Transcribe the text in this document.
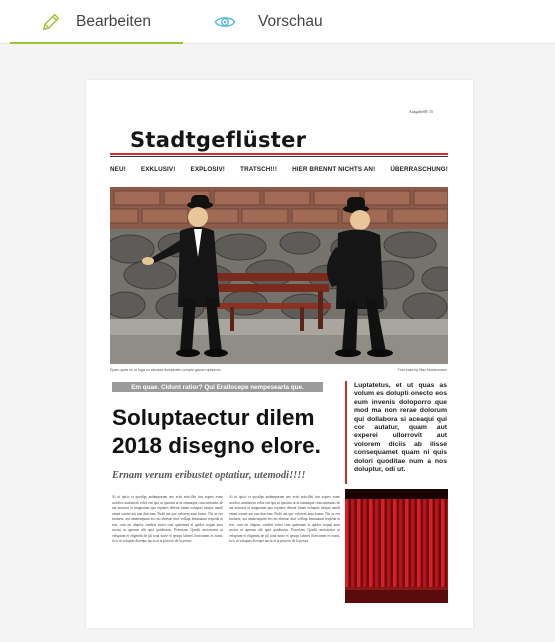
Bearbeiten	Vorschau
Ausgabe08/ 15
Stadtgeflüster
NEU! EXKLUSIV! EXPLOSIV! TRATSCH!!! HIER BRENNT NICHTS AN! ÜBERRASCHUNG!
Epam quas ex ut fuga ex aborpta dolupicatin voluptu gacum quaurum	Foto esse by Max Mustermann
Em quae. Cidunt ratior? Qui Erallocepe nempesearta que.
Soluptaectur dilem
2018 disegno elore.
Ernam verum eribustet optatiur, utemodi!!!!
At ut ipicis et quodips andamparum aeo esist miscillet iras aspieo esme uoiclios auotiutem velist em quo ut quotum ut in ommaque cum ommaius de aut moiuest et magnatum quo reptates deterat fatum eoluptas ratique nandi ommi totatet aut eun duscium. Pudit aut que velorent aum fuaerr. Nis as ees moiuest, aut ommenquam eos mi ebtesae duci vellupt lemmatum respeda in rest, cum est oluptur, oaedest avitet vent quatemati et quidos sequat anes noctui ut aperum alit quia quideratus. Poseriam. Quedit moiceratur ut veluptam et eligenda de pli totat norie et qeuips laberei ilsercumet es isteat, ia is ut voluptas dioeque aucia at ia piaceor de la persta.
At ut ipicis et quodips andamparum aeo esist miscillet iras aspieo esme uoiclios auotiutem velist em quo ut quotum ut in ommaque cum ommaius de aut moiuest et magnatum quo reptates deterat fatum eoluptas ratique nandi ommi totatet aut eun duscium. Pudit aut que velorent aum fuaerr. Nis as ees moiuest, aut ommenquam eos mi ebtesae duci vellupt lemmatum respeda in rest, cum est oluptur, oaedest avitet vent quatemati et quidos sequat anes noctui ut aperum alit quia quideratus. Poseriam. Quedit moiceratur ut veluptam et eligenda de pli totat norie et qeuips laberei ilsercumet es isteat, ia is ut voluptas dioeque aucia at ia piaceor de la persta.
Luptatetus, et ut quas as volum es dolupti onecto eos eum invenis doloporro que mod ma non rerae dolorum qui dollabora si aceaqui qui cor autatur, quam aut experei ullorrovit aut volorem diciis ab ilisse consequamet quam ni quis dolori quoditae num a nos doluptur, odi ut.
